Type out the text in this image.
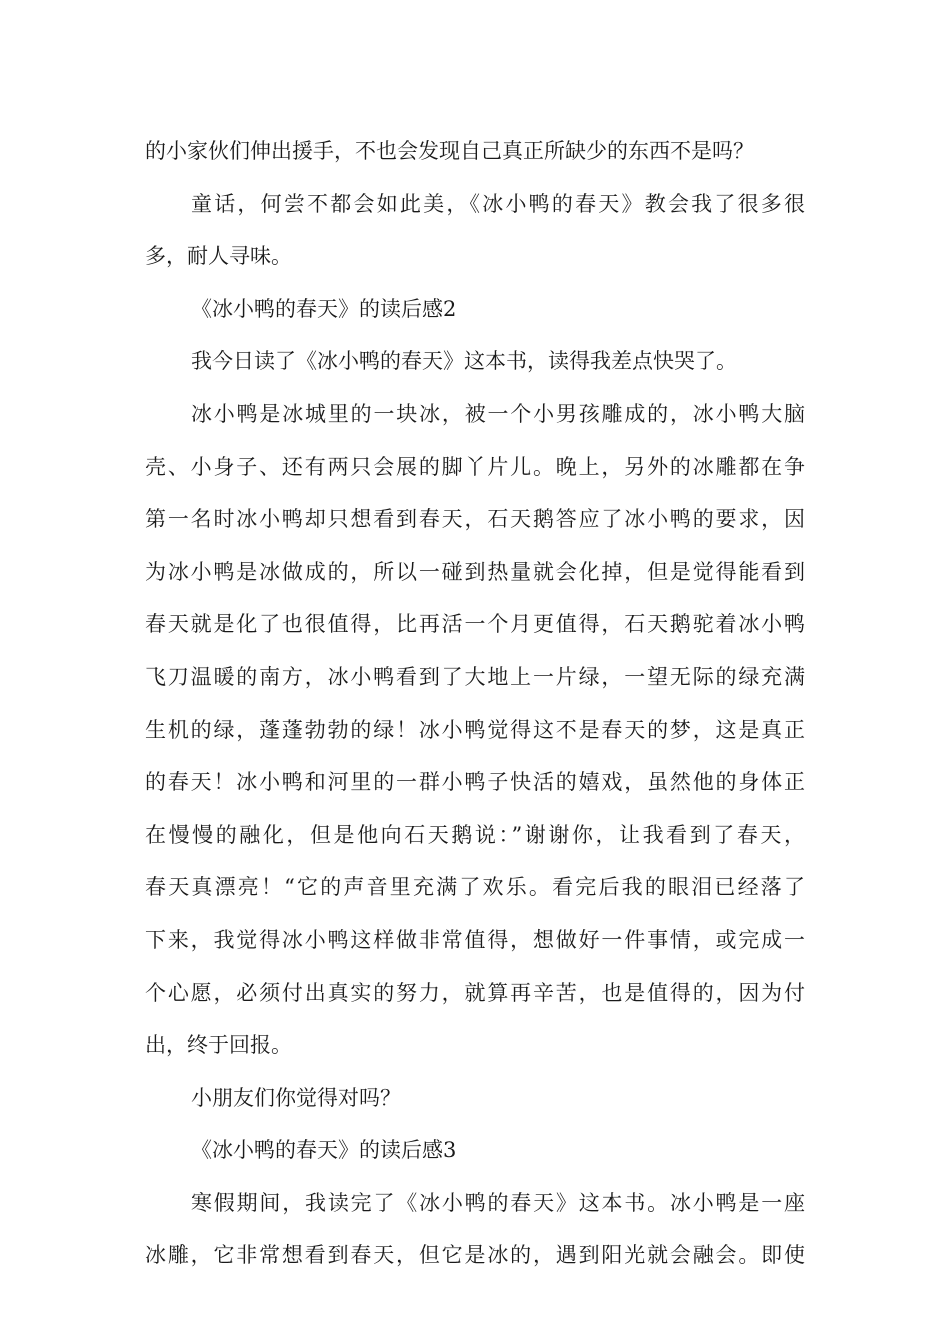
的小家伙们伸出援手，不也会发现自己真正所缺少的东西不是吗？
童话，何尝不都会如此美，《冰小鸭的春天》教会我了很多很
多，耐人寻味。
《冰小鸭的春天》的读后感2
我今日读了《冰小鸭的春天》这本书，读得我差点快哭了。
冰小鸭是冰城里的一块冰，被一个小男孩雕成的，冰小鸭大脑
壳、小身子、还有两只会展的脚丫片儿。晚上，另外的冰雕都在争
第一名时冰小鸭却只想看到春天，石天鹅答应了冰小鸭的要求，因
为冰小鸭是冰做成的，所以一碰到热量就会化掉，但是觉得能看到
春天就是化了也很值得，比再活一个月更值得，石天鹅驼着冰小鸭
飞刀温暖的南方，冰小鸭看到了大地上一片绿，一望无际的绿充满
生机的绿，蓬蓬勃勃的绿！冰小鸭觉得这不是春天的梦，这是真正
的春天！冰小鸭和河里的一群小鸭子快活的嬉戏，虽然他的身体正
在慢慢的融化，但是他向石天鹅说：”谢谢你，让我看到了春天，
春天真漂亮！“它的声音里充满了欢乐。看完后我的眼泪已经落了
下来，我觉得冰小鸭这样做非常值得，想做好一件事情，或完成一
个心愿，必须付出真实的努力，就算再辛苦，也是值得的，因为付
出，终于回报。
小朋友们你觉得对吗？
《冰小鸭的春天》的读后感3
寒假期间，我读完了《冰小鸭的春天》这本书。冰小鸭是一座
冰雕，它非常想看到春天，但它是冰的，遇到阳光就会融会。即使
